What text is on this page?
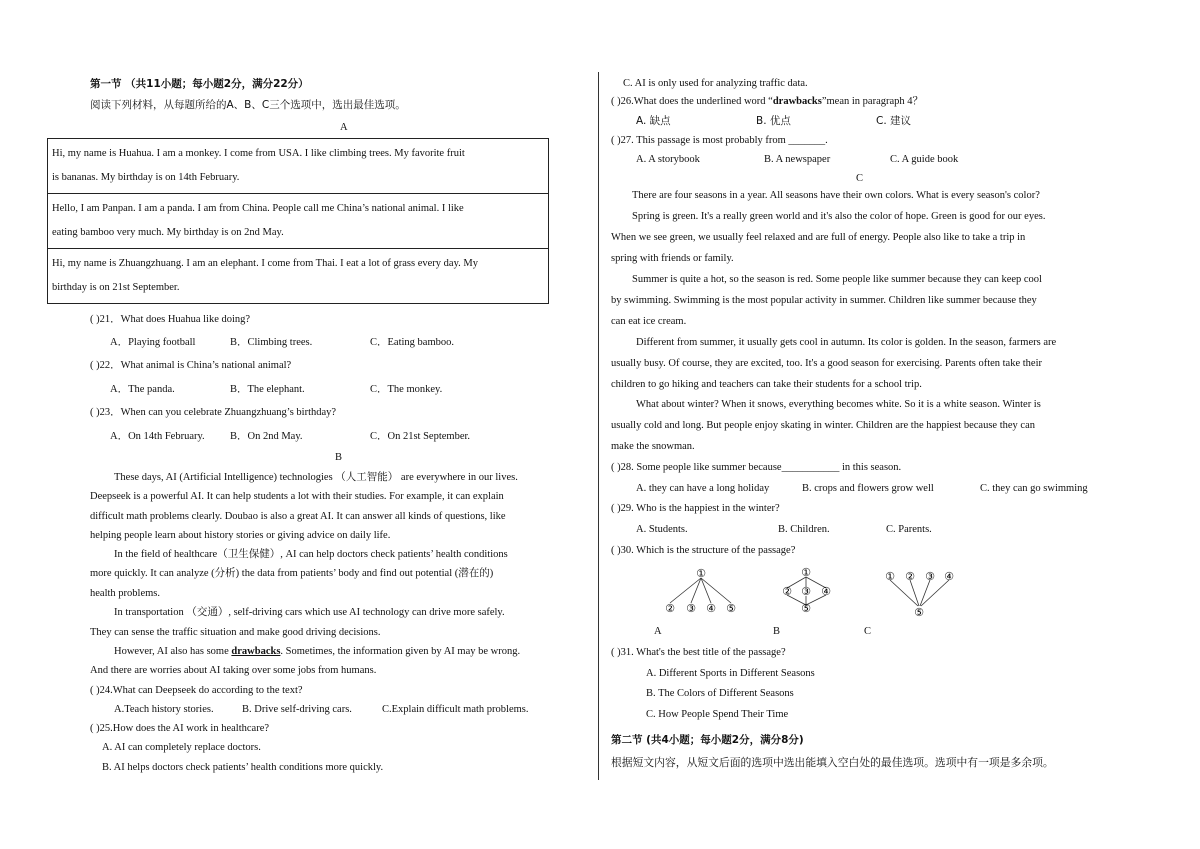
第一节 （共11小题；每小题2分，满分22分）
阅读下列材料，从每题所给的A、B、C三个选项中，选出最佳选项。
A
Hi, my name is Huahua. I am a monkey. I come from USA. I like climbing trees. My favorite fruit
is bananas. My birthday is on 14th February.
Hello, I am Panpan. I am a panda. I am from China. People call me China’s national animal. I like
eating bamboo very much. My birthday is on 2nd May.
Hi, my name is Zhuangzhuang. I am an elephant. I come from Thai. I eat a lot of grass every day. My
birthday is on 21st September.
( )21．What does Huahua like doing?
A．Playing football	B．Climbing trees.	C．Eating bamboo.
( )22．What animal is China’s national animal?
A．The panda.	B．The elephant.	C．The monkey.
( )23．When can you celebrate Zhuangzhuang’s birthday?
A．On 14th February. B．On 2nd May.	C．On 21st September.
B
These days, AI (Artificial Intelligence) technologies （人工智能） are everywhere in our lives.
Deepseek is a powerful AI. It can help students a lot with their studies. For example, it can explain
difficult math problems clearly. Doubao is also a great AI. It can answer all kinds of questions, like
helping people learn about history stories or giving advice on daily life.
In the field of healthcare（卫生保健）, AI can help doctors check patients’ health conditions
more quickly. It can analyze (分析) the data from patients’ body and find out potential (潜在的)
health problems.
In transportation （交通）, self-driving cars which use AI technology can drive more safely.
They can sense the traffic situation and make good driving decisions.
However, AI also has some drawbacks. Sometimes, the information given by AI may be wrong.
And there are worries about AI taking over some jobs from humans.
( )24.What can Deepseek do according to the text?
A.Teach history stories.	B. Drive self-driving cars.	C.Explain difficult math problems.
( )25.How does the AI work in healthcare?
A. AI can completely replace doctors.
B. AI helps doctors check patients’ health conditions more quickly.
C. AI is only used for analyzing traffic data.
( )26.What does the underlined word “drawbacks”mean in paragraph 4？
A. 缺点	B. 优点	C. 建议
( )27. This passage is most probably from _______.
A. A storybook	B. A newspaper	C. A guide book
C
There are four seasons in a year. All seasons have their own colors. What is every season's color?
Spring is green. It's a really green world and it's also the color of hope. Green is good for our eyes.
When we see green, we usually feel relaxed and are full of energy. People also like to take a trip in
spring with friends or family.
Summer is quite a hot, so the season is red. Some people like summer because they can keep cool
by swimming. Swimming is the most popular activity in summer. Children like summer because they
can eat ice cream.
Different from summer, it usually gets cool in autumn. Its color is golden. In the season, farmers are
usually busy. Of course, they are excited, too. It's a good season for exercising. Parents often take their
children to go hiking and teachers can take their students for a school trip.
What about winter? When it snows, everything becomes white. So it is a white season. Winter is
usually cold and long. But people enjoy skating in winter. Children are the happiest because they can
make the snowman.
( )28. Some people like summer because___________ in this season.
A. they can have a long holiday	B. crops and flowers grow well	C. they can go swimming
( )29. Who is the happiest in the winter?
A. Students.	B. Children.	C. Parents.
( )30. Which is the structure of the passage?
①
② ③ ④ ⑤
①
② ③ ④
⑤
① ② ③ ④
⑤
A	B	C
( )31. What's the best title of the passage?
A. Different Sports in Different Seasons
B. The Colors of Different Seasons
C. How People Spend Their Time
第二节 (共4小题；每小题2分，满分8分)
根据短文内容，从短文后面的选项中选出能填入空白处的最佳选项。选项中有一项是多余项。
